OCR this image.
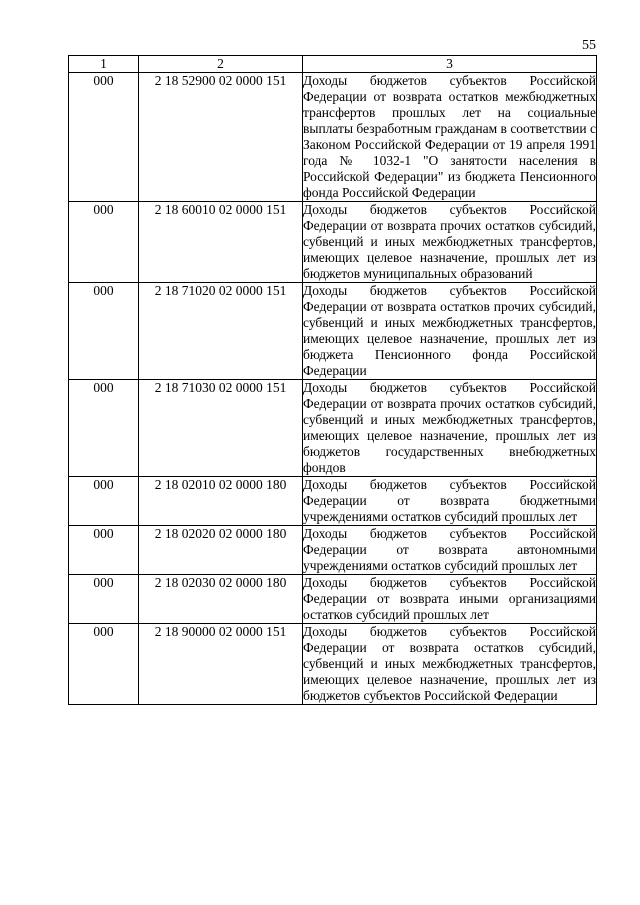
55
1	2	3
000	2 18 52900 02 0000 151	Доходы бюджетов субъектов Российской Федерации от возврата остатков межбюджетных трансфертов прошлых лет на социальные выплаты безработным гражданам в соответствии с Законом Российской Федерации от 19 апреля 1991 года № 1032-1 "О занятости населения в Российской Федерации" из бюджета Пенсионного фонда Российской Федерации
000	2 18 60010 02 0000 151	Доходы бюджетов субъектов Российской Федерации от возврата прочих остатков субсидий, субвенций и иных межбюджетных трансфертов, имеющих целевое назначение, прошлых лет из бюджетов муниципальных образований
000	2 18 71020 02 0000 151	Доходы бюджетов субъектов Российской Федерации от возврата остатков прочих субсидий, субвенций и иных межбюджетных трансфертов, имеющих целевое назначение, прошлых лет из бюджета Пенсионного фонда Российской Федерации
000	2 18 71030 02 0000 151	Доходы бюджетов субъектов Российской Федерации от возврата прочих остатков субсидий, субвенций и иных межбюджетных трансфертов, имеющих целевое назначение, прошлых лет из бюджетов государственных внебюджетных фондов
000	2 18 02010 02 0000 180	Доходы бюджетов субъектов Российской Федерации от возврата бюджетными учреждениями остатков субсидий прошлых лет
000	2 18 02020 02 0000 180	Доходы бюджетов субъектов Российской Федерации от возврата автономными учреждениями остатков субсидий прошлых лет
000	2 18 02030 02 0000 180	Доходы бюджетов субъектов Российской Федерации от возврата иными организациями остатков субсидий прошлых лет
000	2 18 90000 02 0000 151	Доходы бюджетов субъектов Российской Федерации от возврата остатков субсидий, субвенций и иных межбюджетных трансфертов, имеющих целевое назначение, прошлых лет из бюджетов субъектов Российской Федерации
